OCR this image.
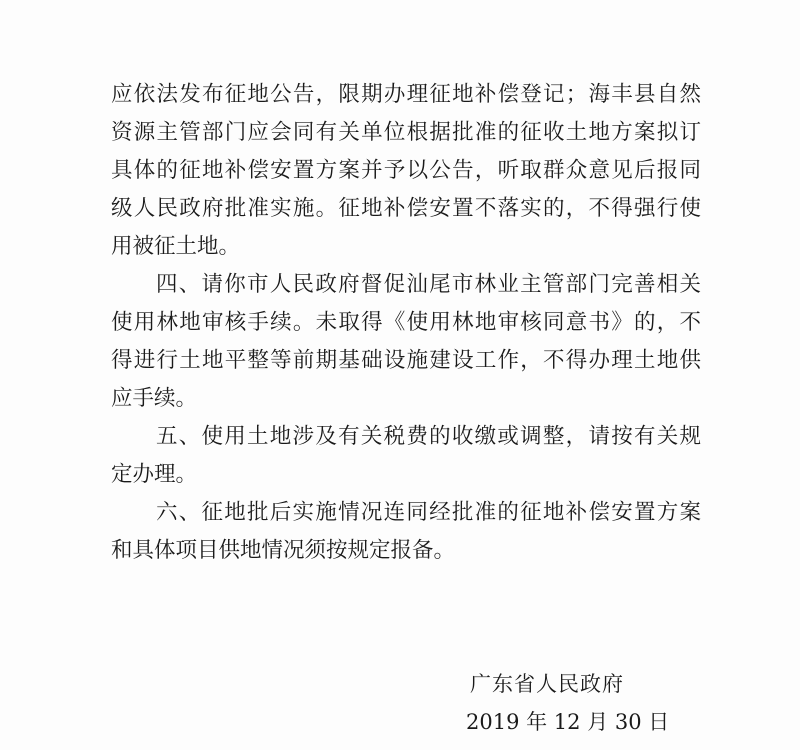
应依法发布征地公告，限期办理征地补偿登记；海丰县自然
资源主管部门应会同有关单位根据批准的征收土地方案拟订
具体的征地补偿安置方案并予以公告，听取群众意见后报同
级人民政府批准实施。征地补偿安置不落实的，不得强行使
用被征土地。
四、请你市人民政府督促汕尾市林业主管部门完善相关
使用林地审核手续。未取得《使用林地审核同意书》的，不
得进行土地平整等前期基础设施建设工作，不得办理土地供
应手续。
五、使用土地涉及有关税费的收缴或调整，请按有关规
定办理。
六、征地批后实施情况连同经批准的征地补偿安置方案
和具体项目供地情况须按规定报备。
广东省人民政府
2019 年 12 月 30 日
